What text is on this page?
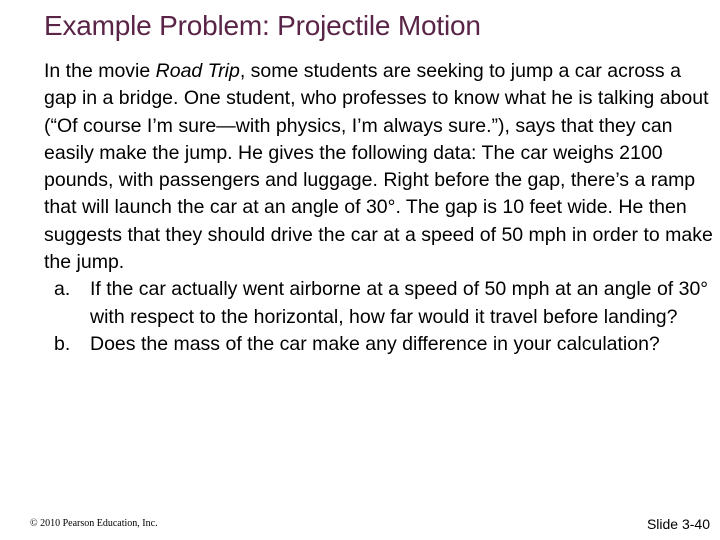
Example Problem: Projectile Motion

In the movie Road Trip, some students are seeking to jump a car across a gap in a bridge. One student, who professes to know what he is talking about (“Of course I’m sure—with physics, I’m always sure.”), says that they can easily make the jump. He gives the following data: The car weighs 2100 pounds, with passengers and luggage. Right before the gap, there’s a ramp that will launch the car at an angle of 30°. The gap is 10 feet wide. He then suggests that they should drive the car at a speed of 50 mph in order to make the jump.

a. If the car actually went airborne at a speed of 50 mph at an angle of 30° with respect to the horizontal, how far would it travel before landing?

b. Does the mass of the car make any difference in your calculation?

© 2010 Pearson Education, Inc.	Slide 3-40
